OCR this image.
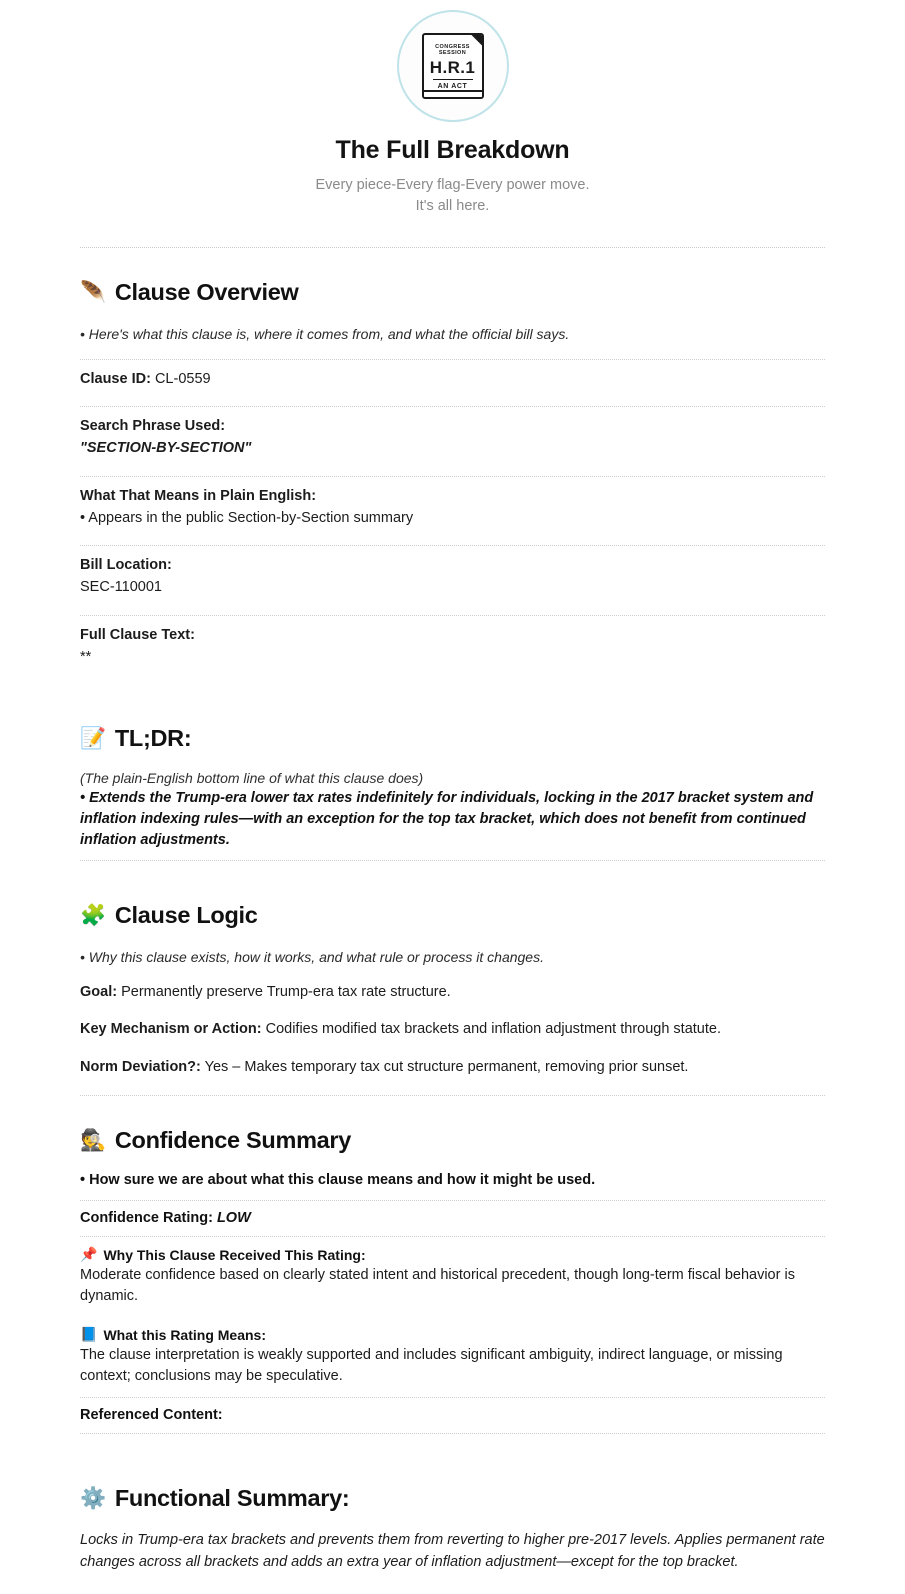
CONGRESS SESSION
H.R.1
AN ACT
The Full Breakdown

Every piece-Every flag-Every power move.
It's all here.

🪶 Clause Overview

• Here's what this clause is, where it comes from, and what the official bill says.

Clause ID: CL-0559

Search Phrase Used:
"SECTION-BY-SECTION"

What That Means in Plain English:
• Appears in the public Section-by-Section summary

Bill Location:
SEC-110001

Full Clause Text:
**

📝 TL;DR:

(The plain-English bottom line of what this clause does)

• Extends the Trump-era lower tax rates indefinitely for individuals, locking in the 2017 bracket system and inflation indexing rules—with an exception for the top tax bracket, which does not benefit from continued inflation adjustments.

🧩 Clause Logic

• Why this clause exists, how it works, and what rule or process it changes.

Goal: Permanently preserve Trump-era tax rate structure.

Key Mechanism or Action: Codifies modified tax brackets and inflation adjustment through statute.

Norm Deviation?: Yes – Makes temporary tax cut structure permanent, removing prior sunset.

🕵️ Confidence Summary

• How sure we are about what this clause means and how it might be used.

Confidence Rating: LOW

📌 Why This Clause Received This Rating:

Moderate confidence based on clearly stated intent and historical precedent, though long-term fiscal behavior is dynamic.

📘 What this Rating Means:

The clause interpretation is weakly supported and includes significant ambiguity, indirect language, or missing context; conclusions may be speculative.

Referenced Content:

⚙️ Functional Summary:

Locks in Trump-era tax brackets and prevents them from reverting to higher pre-2017 levels. Applies permanent rate changes across all brackets and adds an extra year of inflation adjustment—except for the top bracket.
